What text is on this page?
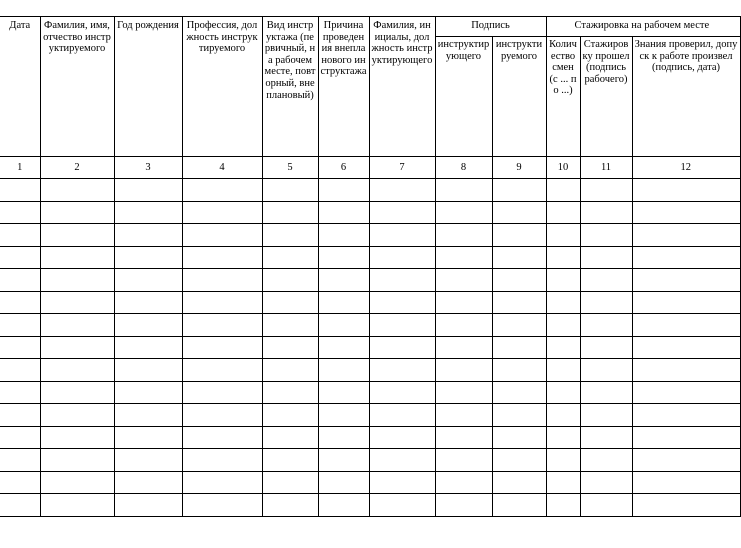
Дата	Фамилия, имя, отчество инструктируемого	Год рождения	Профессия, должность инструктируемого	Вид инструктажа (первичный, на рабочем месте, повторный, внеплановый)	Причина проведения внепланового инструктажа	Фамилия, инициалы, должность инструктирующего	Подпись		Стажировка на рабочем месте		
							инструктирующего	инструктируемого	Количество смен (с ... по ...)	Стажировку прошел (подпись рабочего)	Знания проверил, допуск к работе произвел (подпись, дата)
1	2	3	4	5	6	7	8	9	10	11	12
